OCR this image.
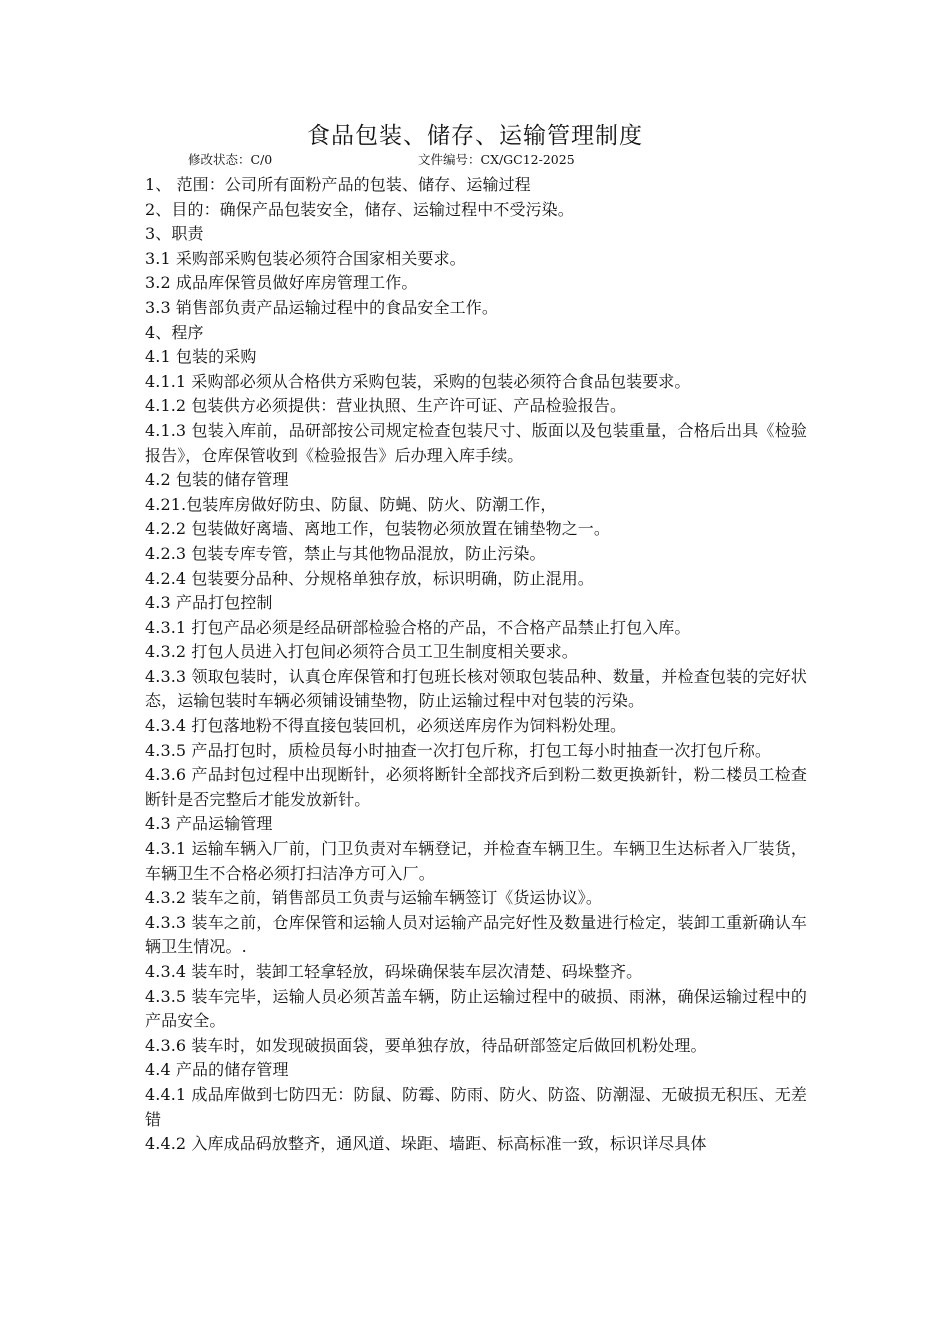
食品包装、储存、运输管理制度
修改状态：C/0	文件编号：CX/GC12-2025

1、 范围：公司所有面粉产品的包装、储存、运输过程

2、目的：确保产品包装安全，储存、运输过程中不受污染。

3、职责

3.1 采购部采购包装必须符合国家相关要求。

3.2 成品库保管员做好库房管理工作。

3.3 销售部负责产品运输过程中的食品安全工作。

4、程序

4.1 包装的采购

4.1.1 采购部必须从合格供方采购包装，采购的包装必须符合食品包装要求。

4.1.2 包装供方必须提供：营业执照、生产许可证、产品检验报告。

4.1.3 包装入库前，品研部按公司规定检查包装尺寸、版面以及包装重量，合格后出具《检验报告》，仓库保管收到《检验报告》后办理入库手续。

4.2 包装的储存管理

4.21.包装库房做好防虫、防鼠、防蝇、防火、防潮工作，

4.2.2 包装做好离墙、离地工作，包装物必须放置在铺垫物之一。

4.2.3 包装专库专管，禁止与其他物品混放，防止污染。

4.2.4 包装要分品种、分规格单独存放，标识明确，防止混用。

4.3 产品打包控制

4.3.1 打包产品必须是经品研部检验合格的产品，不合格产品禁止打包入库。

4.3.2 打包人员进入打包间必须符合员工卫生制度相关要求。

4.3.3 领取包装时，认真仓库保管和打包班长核对领取包装品种、数量，并检查包装的完好状态，运输包装时车辆必须铺设铺垫物，防止运输过程中对包装的污染。

4.3.4 打包落地粉不得直接包装回机，必须送库房作为饲料粉处理。

4.3.5 产品打包时，质检员每小时抽查一次打包斤称，打包工每小时抽查一次打包斤称。

4.3.6 产品封包过程中出现断针，必须将断针全部找齐后到粉二数更换新针，粉二楼员工检查断针是否完整后才能发放新针。

4.3 产品运输管理

4.3.1 运输车辆入厂前，门卫负责对车辆登记，并检查车辆卫生。车辆卫生达标者入厂装货，车辆卫生不合格必须打扫洁净方可入厂。

4.3.2 装车之前，销售部员工负责与运输车辆签订《货运协议》。

4.3.3 装车之前，仓库保管和运输人员对运输产品完好性及数量进行检定，装卸工重新确认车辆卫生情况。.

4.3.4 装车时，装卸工轻拿轻放，码垛确保装车层次清楚、码垛整齐。

4.3.5 装车完毕，运输人员必须苫盖车辆，防止运输过程中的破损、雨淋，确保运输过程中的产品安全。

4.3.6 装车时，如发现破损面袋，要单独存放，待品研部签定后做回机粉处理。

4.4 产品的储存管理

4.4.1 成品库做到七防四无：防鼠、防霉、防雨、防火、防盗、防潮湿、无破损无积压、无差错

4.4.2 入库成品码放整齐，通风道、垛距、墙距、标高标准一致，标识详尽具体
